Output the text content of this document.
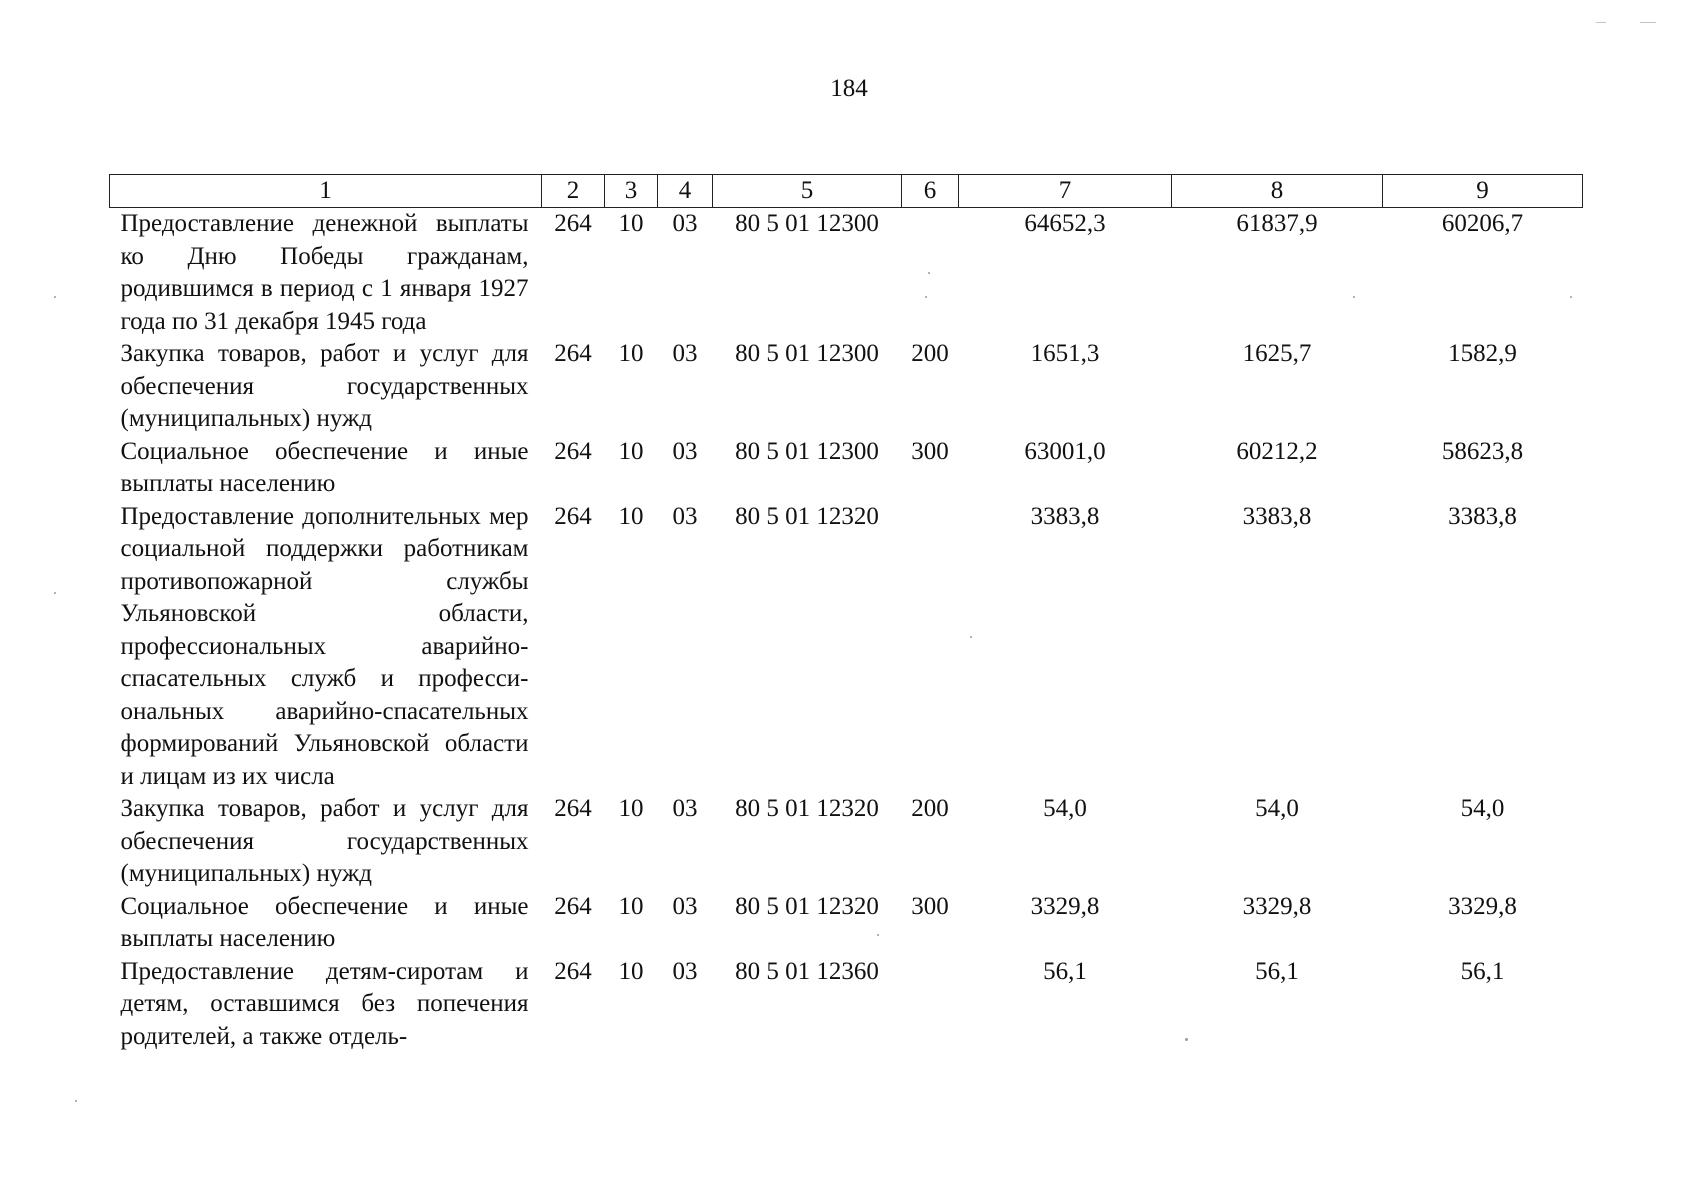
184
1	2	3	4	5	6	7	8	9
Предоставление денежной выплаты ко Дню Победы гражданам, родившимся в период с 1 января 1927 года по 31 декабря 1945 года	264	10	03	80 5 01 12300		64652,3	61837,9	60206,7
Закупка товаров, работ и услуг для обеспечения государственных (муниципальных) нужд	264	10	03	80 5 01 12300	200	1651,3	1625,7	1582,9
Социальное обеспечение и иные выплаты населению	264	10	03	80 5 01 12300	300	63001,0	60212,2	58623,8
Предоставление дополнительных мер социальной поддержки работникам противопожарной службы Ульяновской области, профессиональных аварийно-спасательных служб и профессиональных аварийно-спасательных формирований Ульяновской области и лицам из их числа	264	10	03	80 5 01 12320		3383,8	3383,8	3383,8
Закупка товаров, работ и услуг для обеспечения государственных (муниципальных) нужд	264	10	03	80 5 01 12320	200	54,0	54,0	54,0
Социальное обеспечение и иные выплаты населению	264	10	03	80 5 01 12320	300	3329,8	3329,8	3329,8
Предоставление детям-сиротам и детям, оставшимся без попечения родителей, а также отдель-	264	10	03	80 5 01 12360		56,1	56,1	56,1
